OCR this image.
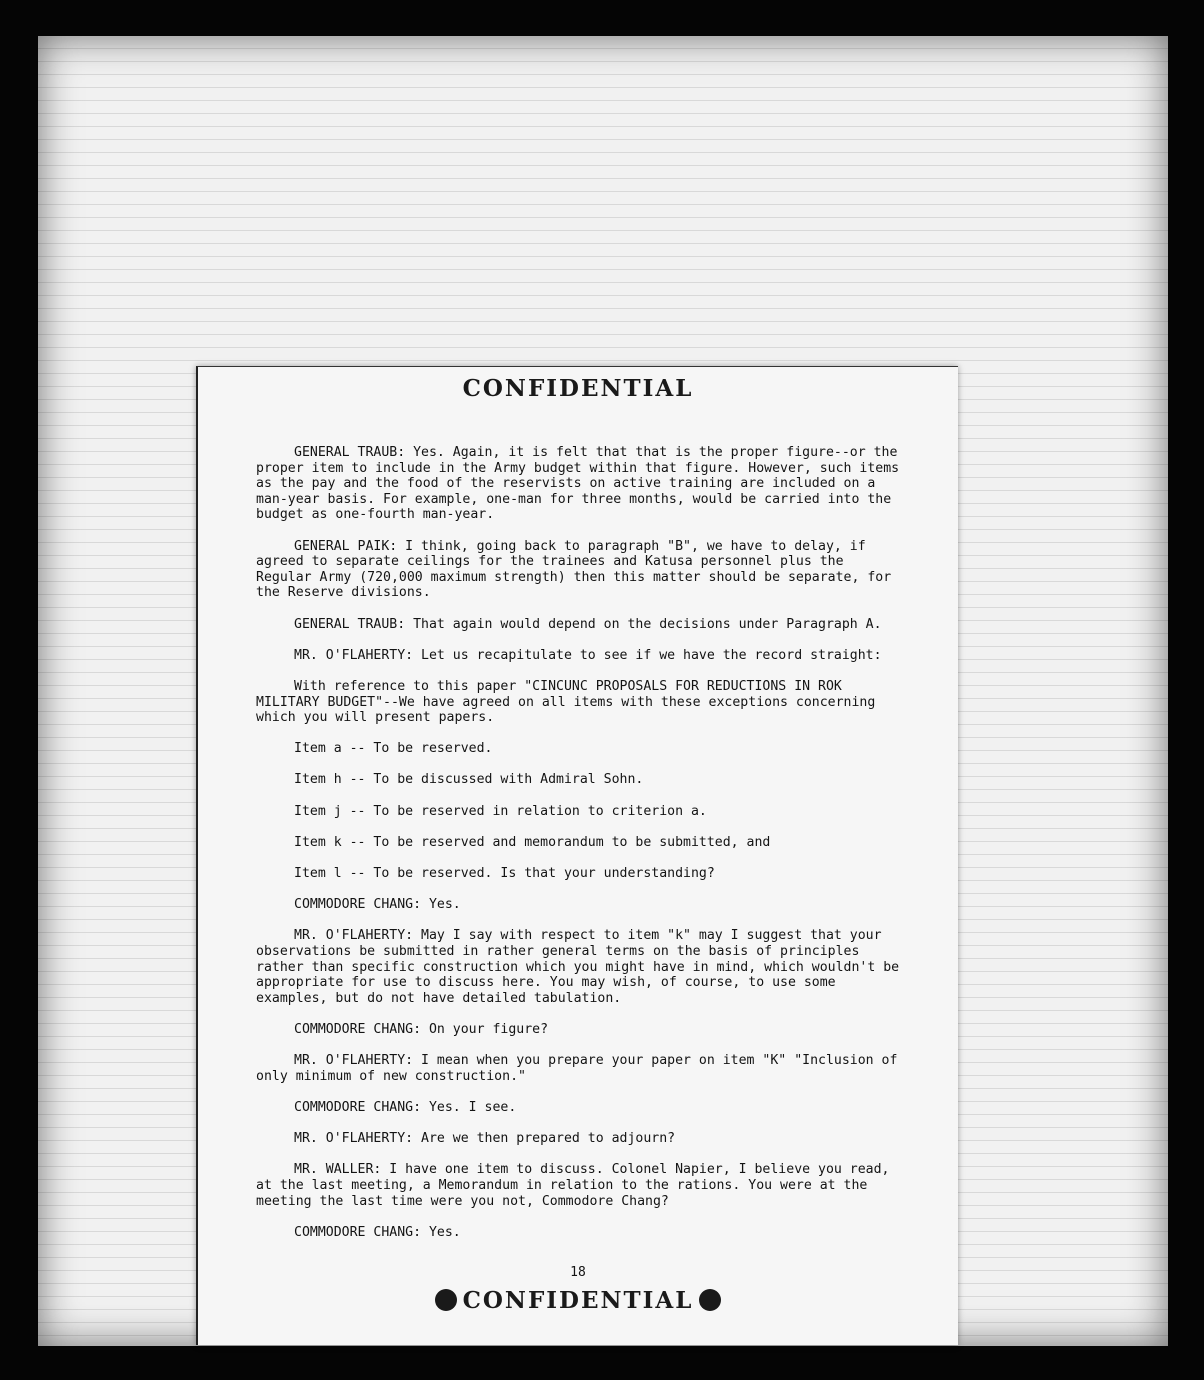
CONFIDENTIAL

GENERAL TRAUB: Yes. Again, it is felt that that is the proper figure--or the proper item to include in the Army budget within that figure. However, such items as the pay and the food of the reservists on active training are included on a man-year basis. For example, one-man for three months, would be carried into the budget as one-fourth man-year.

GENERAL PAIK: I think, going back to paragraph "B", we have to delay, if agreed to separate ceilings for the trainees and Katusa personnel plus the Regular Army (720,000 maximum strength) then this matter should be separate, for the Reserve divisions.

GENERAL TRAUB: That again would depend on the decisions under Paragraph A.

MR. O'FLAHERTY: Let us recapitulate to see if we have the record straight:

With reference to this paper "CINCUNC PROPOSALS FOR REDUCTIONS IN ROK MILITARY BUDGET"--We have agreed on all items with these exceptions concerning which you will present papers.

Item a -- To be reserved.

Item h -- To be discussed with Admiral Sohn.

Item j -- To be reserved in relation to criterion a.

Item k -- To be reserved and memorandum to be submitted, and

Item l -- To be reserved. Is that your understanding?

COMMODORE CHANG: Yes.

MR. O'FLAHERTY: May I say with respect to item "k" may I suggest that your observations be submitted in rather general terms on the basis of principles rather than specific construction which you might have in mind, which wouldn't be appropriate for use to discuss here. You may wish, of course, to use some examples, but do not have detailed tabulation.

COMMODORE CHANG: On your figure?

MR. O'FLAHERTY: I mean when you prepare your paper on item "K" "Inclusion of only minimum of new construction."

COMMODORE CHANG: Yes. I see.

MR. O'FLAHERTY: Are we then prepared to adjourn?

MR. WALLER: I have one item to discuss. Colonel Napier, I believe you read, at the last meeting, a Memorandum in relation to the rations. You were at the meeting the last time were you not, Commodore Chang?

COMMODORE CHANG: Yes.

18
CONFIDENTIAL
